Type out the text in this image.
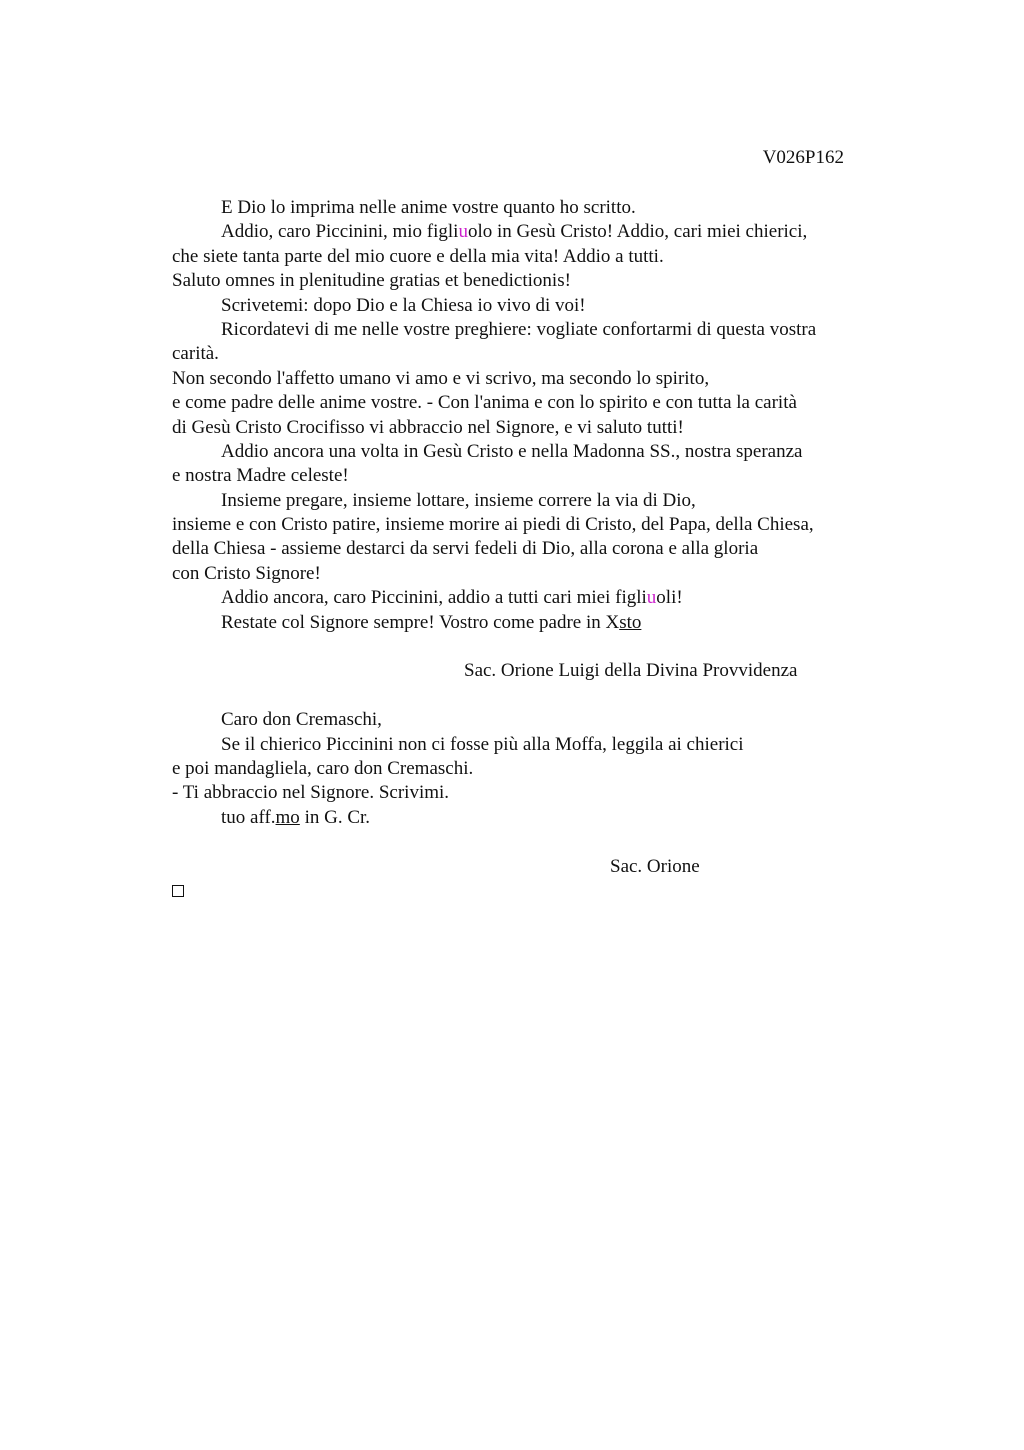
V026P162
E Dio lo imprima nelle anime vostre quanto ho scritto.
Addio, caro Piccinini, mio figliuolo in Gesù Cristo! Addio, cari miei chierici,
che siete tanta parte del mio cuore e della mia vita! Addio a tutti.
Saluto omnes in plenitudine gratias et benedictionis!
Scrivetemi: dopo Dio e la Chiesa io vivo di voi!
Ricordatevi di me nelle vostre preghiere: vogliate confortarmi di questa vostra
carità.
Non secondo l'affetto umano vi amo e vi scrivo, ma secondo lo spirito,
e come padre delle anime vostre. - Con l'anima e con lo spirito e con tutta la carità
di Gesù Cristo Crocifisso vi abbraccio nel Signore, e vi saluto tutti!
Addio ancora una volta in Gesù Cristo e nella Madonna SS., nostra speranza
e nostra Madre celeste!
Insieme pregare, insieme lottare, insieme correre la via di Dio,
insieme e con Cristo patire, insieme morire ai piedi di Cristo, del Papa, della Chiesa,
della Chiesa - assieme destarci da servi fedeli di Dio, alla corona e alla gloria
con Cristo Signore!
Addio ancora, caro Piccinini, addio a tutti cari miei figliuoli!
Restate col Signore sempre! Vostro come padre in Xsto
Sac. Orione Luigi della Divina Provvidenza
Caro don Cremaschi,
Se il chierico Piccinini non ci fosse più alla Moffa, leggila ai chierici
e poi mandagliela, caro don Cremaschi.
- Ti abbraccio nel Signore. Scrivimi.
tuo aff.mo in G. Cr.
Sac. Orione
